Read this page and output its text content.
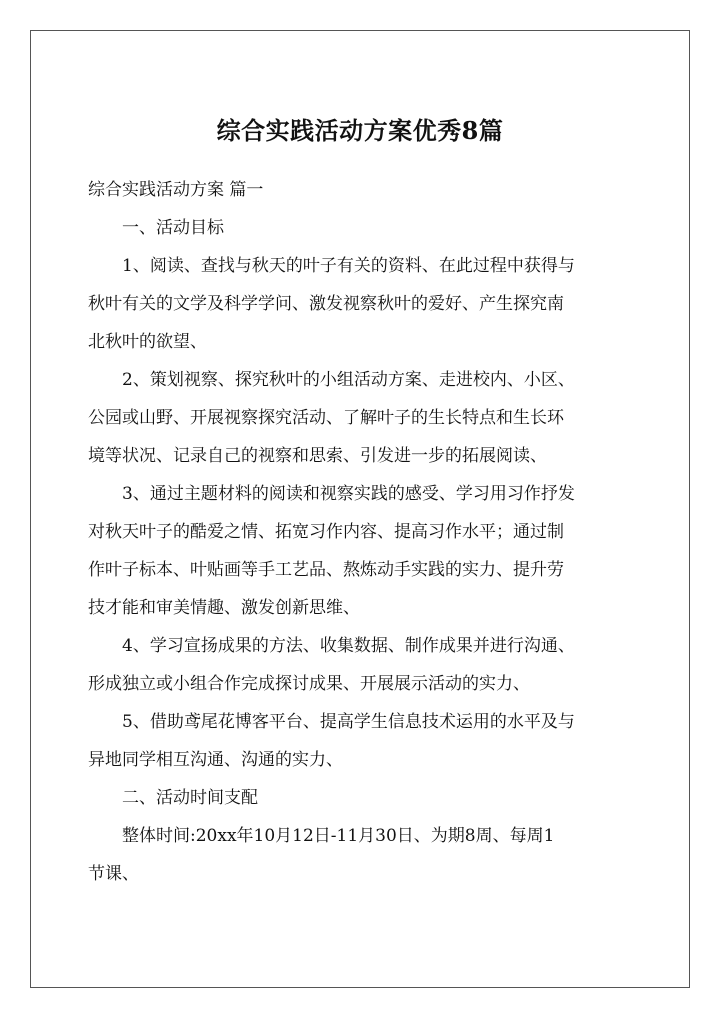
综合实践活动方案优秀8篇
综合实践活动方案 篇一
一、活动目标
1、阅读、查找与秋天的叶子有关的资料、在此过程中获得与
秋叶有关的文学及科学学问、激发视察秋叶的爱好、产生探究南
北秋叶的欲望、
2、策划视察、探究秋叶的小组活动方案、走进校内、小区、
公园或山野、开展视察探究活动、了解叶子的生长特点和生长环
境等状况、记录自己的视察和思索、引发进一步的拓展阅读、
3、通过主题材料的阅读和视察实践的感受、学习用习作抒发
对秋天叶子的酷爱之情、拓宽习作内容、提高习作水平；通过制
作叶子标本、叶贴画等手工艺品、熬炼动手实践的实力、提升劳
技才能和审美情趣、激发创新思维、
4、学习宣扬成果的方法、收集数据、制作成果并进行沟通、
形成独立或小组合作完成探讨成果、开展展示活动的实力、
5、借助鸢尾花博客平台、提高学生信息技术运用的水平及与
异地同学相互沟通、沟通的实力、
二、活动时间支配
整体时间:20xx年10月12日-11月30日、为期8周、每周1
节课、
